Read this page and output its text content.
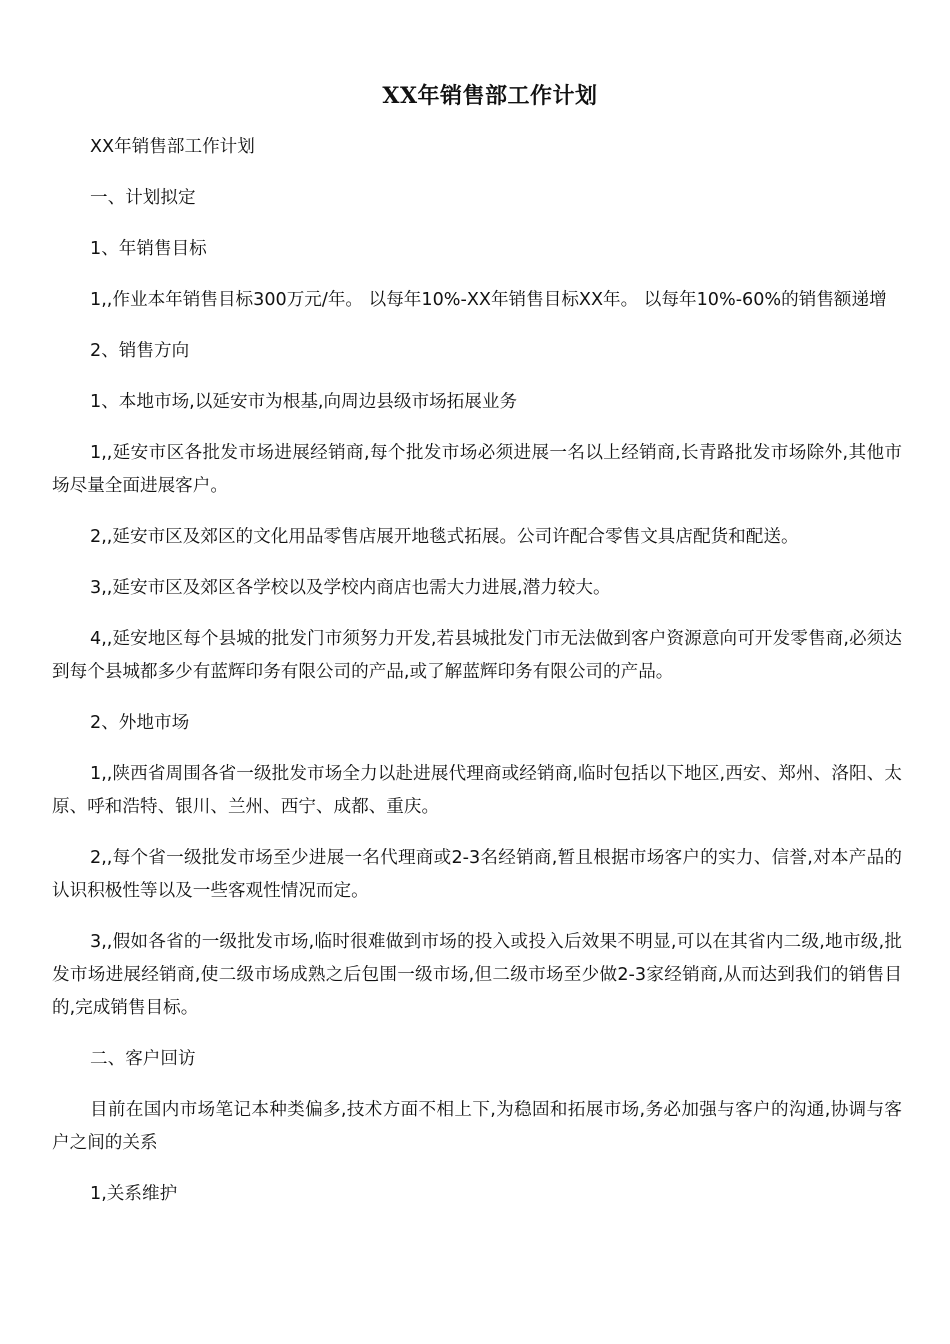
XX年销售部工作计划

XX年销售部工作计划

一、计划拟定

1、年销售目标

1,,作业本年销售目标300万元/年。 以每年10%-XX年销售目标XX年。 以每年10%-60%的销售额递增

2、销售方向

1、本地市场,以延安市为根基,向周边县级市场拓展业务

1,,延安市区各批发市场进展经销商,每个批发市场必须进展一名以上经销商,长青路批发市场除外,其他市场尽量全面进展客户。

2,,延安市区及郊区的文化用品零售店展开地毯式拓展。公司许配合零售文具店配货和配送。

3,,延安市区及郊区各学校以及学校内商店也需大力进展,潜力较大。

4,,延安地区每个县城的批发门市须努力开发,若县城批发门市无法做到客户资源意向可开发零售商,必须达到每个县城都多少有蓝辉印务有限公司的产品,或了解蓝辉印务有限公司的产品。

2、外地市场

1,,陕西省周围各省一级批发市场全力以赴进展代理商或经销商,临时包括以下地区,西安、郑州、洛阳、太原、呼和浩特、银川、兰州、西宁、成都、重庆。

2,,每个省一级批发市场至少进展一名代理商或2-3名经销商,暂且根据市场客户的实力、信誉,对本产品的认识积极性等以及一些客观性情况而定。

3,,假如各省的一级批发市场,临时很难做到市场的投入或投入后效果不明显,可以在其省内二级,地市级,批发市场进展经销商,使二级市场成熟之后包围一级市场,但二级市场至少做2-3家经销商,从而达到我们的销售目的,完成销售目标。

二、客户回访

目前在国内市场笔记本种类偏多,技术方面不相上下,为稳固和拓展市场,务必加强与客户的沟通,协调与客户之间的关系

1,关系维护
